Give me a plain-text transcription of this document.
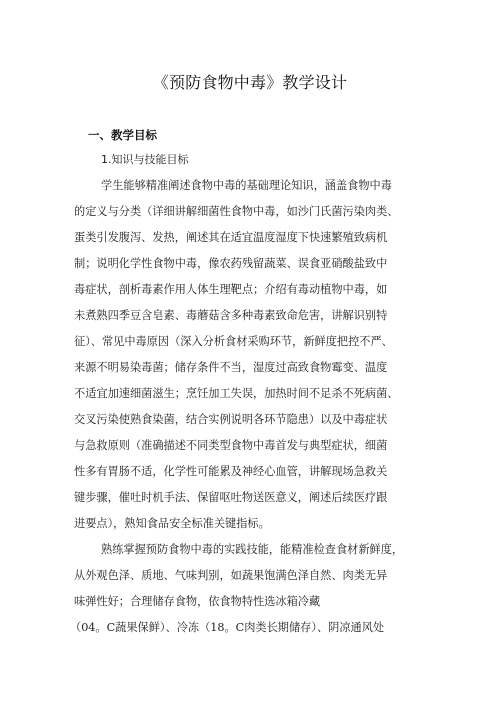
《预防食物中毒》教学设计
一、教学目标
1.知识与技能目标
学生能够精准阐述食物中毒的基础理论知识，涵盖食物中毒
的定义与分类（详细讲解细菌性食物中毒，如沙门氏菌污染肉类、
蛋类引发腹泻、发热，阐述其在适宜温度湿度下快速繁殖致病机
制；说明化学性食物中毒，像农药残留蔬菜、误食亚硝酸盐致中
毒症状，剖析毒素作用人体生理靶点；介绍有毒动植物中毒，如
未煮熟四季豆含皂素、毒蘑菇含多种毒素致命危害，讲解识别特
征）、常见中毒原因（深入分析食材采购环节，新鲜度把控不严、
来源不明易染毒菌；储存条件不当，湿度过高致食物霉变、温度
不适宜加速细菌滋生；烹饪加工失误，加热时间不足杀不死病菌、
交叉污染使熟食染菌，结合实例说明各环节隐患）以及中毒症状
与急救原则（准确描述不同类型食物中毒首发与典型症状，细菌
性多有胃肠不适，化学性可能累及神经心血管，讲解现场急救关
键步骤，催吐时机手法、保留呕吐物送医意义，阐述后续医疗跟
进要点），熟知食品安全标准关键指标。
熟练掌握预防食物中毒的实践技能，能精准检查食材新鲜度，
从外观色泽、质地、气味判别，如蔬果饱满色泽自然、肉类无异
味弹性好；合理储存食物，依食物特性选冰箱冷藏
（04。C蔬果保鲜）、冷冻（18。C肉类长期储存）、阴凉通风处
